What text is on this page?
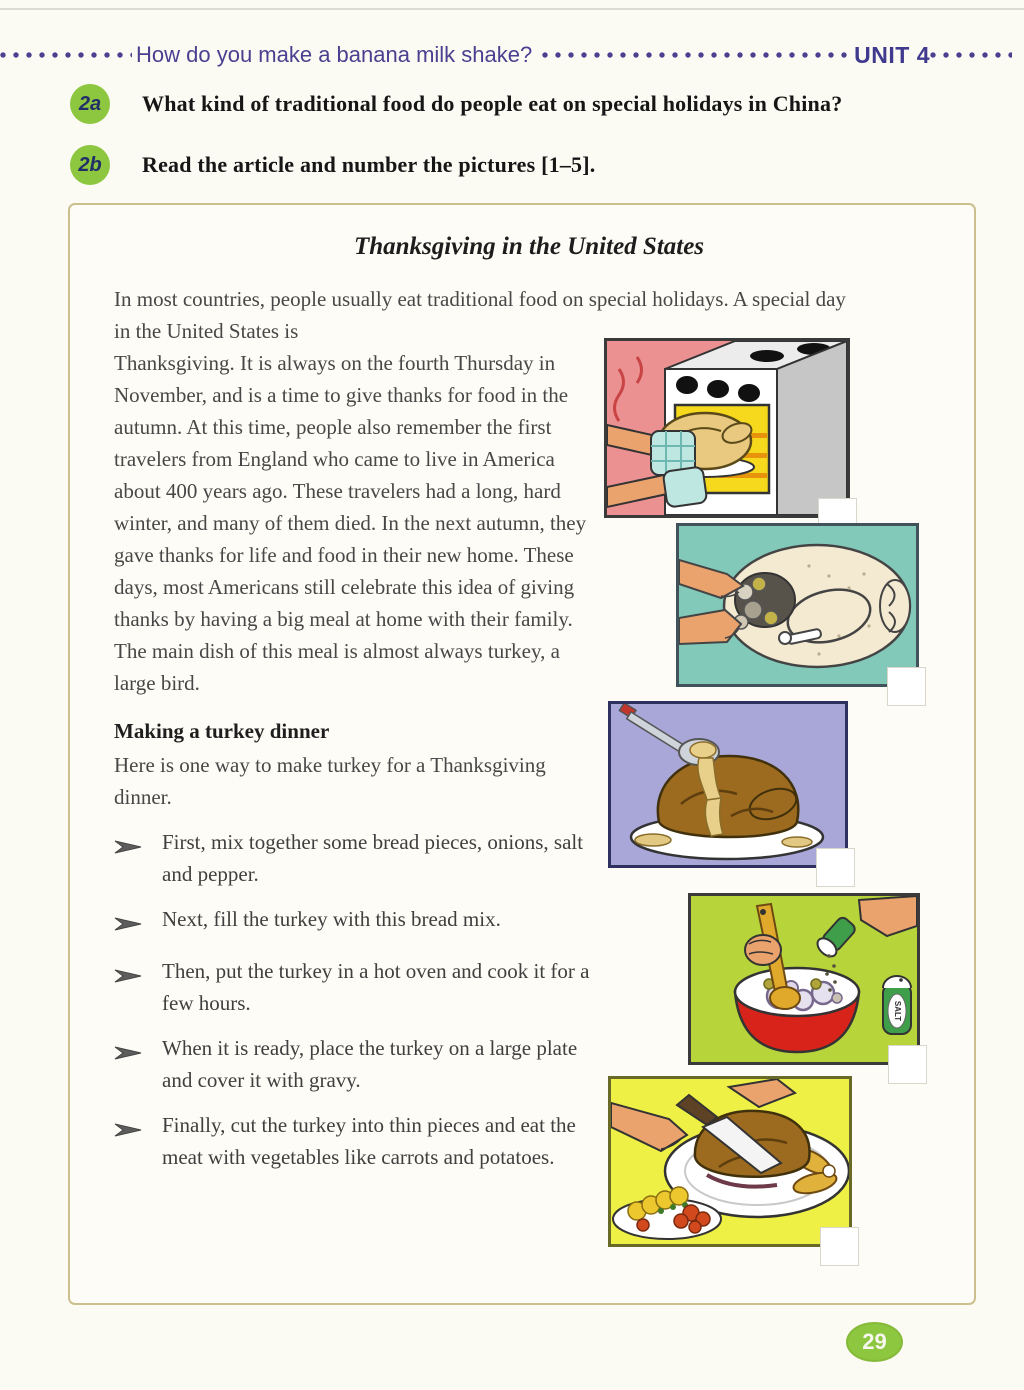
How do you make a banana milk shake?	UNIT 4
2a	What kind of traditional food do people eat on special holidays in China?
2b	Read the article and number the pictures [1–5].
Thanksgiving in the United States
In most countries, people usually eat traditional food on special holidays. A special day in the United States is
Thanksgiving. It is always on the fourth Thursday in November, and is a time to give thanks for food in the autumn. At this time, people also remember the first travelers from England who came to live in America about 400 years ago. These travelers had a long, hard winter, and many of them died. In the next autumn, they gave thanks for life and food in their new home. These days, most Americans still celebrate this idea of giving thanks by having a big meal at home with their family. The main dish of this meal is almost always turkey, a large bird.
Making a turkey dinner
Here is one way to make turkey for a Thanksgiving dinner.
First, mix together some bread pieces, onions, salt and pepper.
Next, fill the turkey with this bread mix.
Then, put the turkey in a hot oven and cook it for a few hours.
When it is ready, place the turkey on a large plate and cover it with gravy.
Finally, cut the turkey into thin pieces and eat the meat with vegetables like carrots and potatoes.
SALT
29
